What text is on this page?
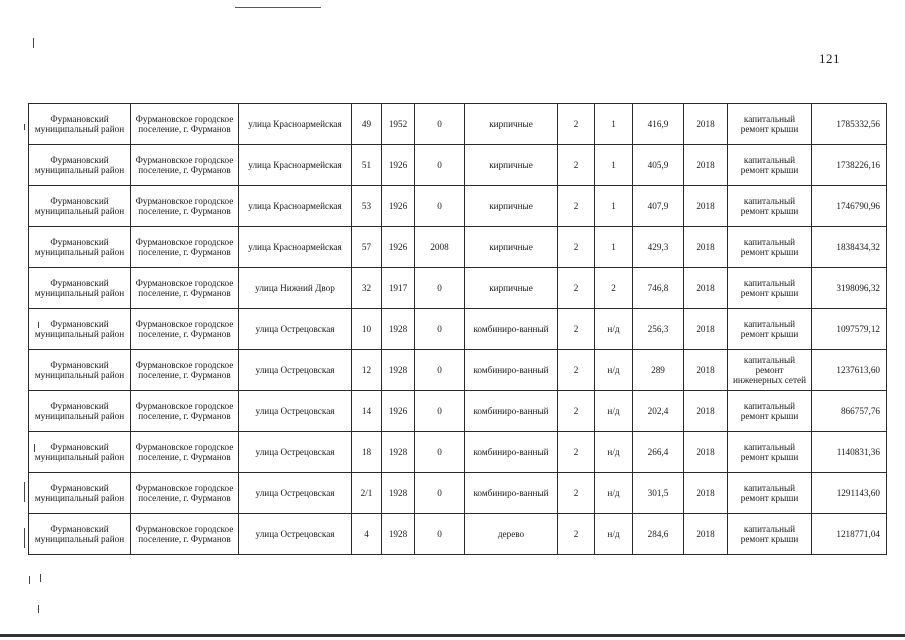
121
Фурмановский муниципальный район	Фурмановское городское поселение, г. Фурманов	улица Красноармейская	49	1952	0	кирпичные	2	1	416,9	2018	капитальный ремонт крыши	1785332,56
Фурмановский муниципальный район	Фурмановское городское поселение, г. Фурманов	улица Красноармейская	51	1926	0	кирпичные	2	1	405,9	2018	капитальный ремонт крыши	1738226,16
Фурмановский муниципальный район	Фурмановское городское поселение, г. Фурманов	улица Красноармейская	53	1926	0	кирпичные	2	1	407,9	2018	капитальный ремонт крыши	1746790,96
Фурмановский муниципальный район	Фурмановское городское поселение, г. Фурманов	улица Красноармейская	57	1926	2008	кирпичные	2	1	429,3	2018	капитальный ремонт крыши	1838434,32
Фурмановский муниципальный район	Фурмановское городское поселение, г. Фурманов	улица Нижний Двор	32	1917	0	кирпичные	2	2	746,8	2018	капитальный ремонт крыши	3198096,32
Фурмановский муниципальный район	Фурмановское городское поселение, г. Фурманов	улица Острецовская	10	1928	0	комбиниро-ванный	2	н/д	256,3	2018	капитальный ремонт крыши	1097579,12
Фурмановский муниципальный район	Фурмановское городское поселение, г. Фурманов	улица Острецовская	12	1928	0	комбиниро-ванный	2	н/д	289	2018	капитальный ремонт инженерных сетей	1237613,60
Фурмановский муниципальный район	Фурмановское городское поселение, г. Фурманов	улица Острецовская	14	1926	0	комбиниро-ванный	2	н/д	202,4	2018	капитальный ремонт крыши	866757,76
Фурмановский муниципальный район	Фурмановское городское поселение, г. Фурманов	улица Острецовская	18	1928	0	комбиниро-ванный	2	н/д	266,4	2018	капитальный ремонт крыши	1140831,36
Фурмановский муниципальный район	Фурмановское городское поселение, г. Фурманов	улица Острецовская	2/1	1928	0	комбиниро-ванный	2	н/д	301,5	2018	капитальный ремонт крыши	1291143,60
Фурмановский муниципальный район	Фурмановское городское поселение, г. Фурманов	улица Острецовская	4	1928	0	дерево	2	н/д	284,6	2018	капитальный ремонт крыши	1218771,04
